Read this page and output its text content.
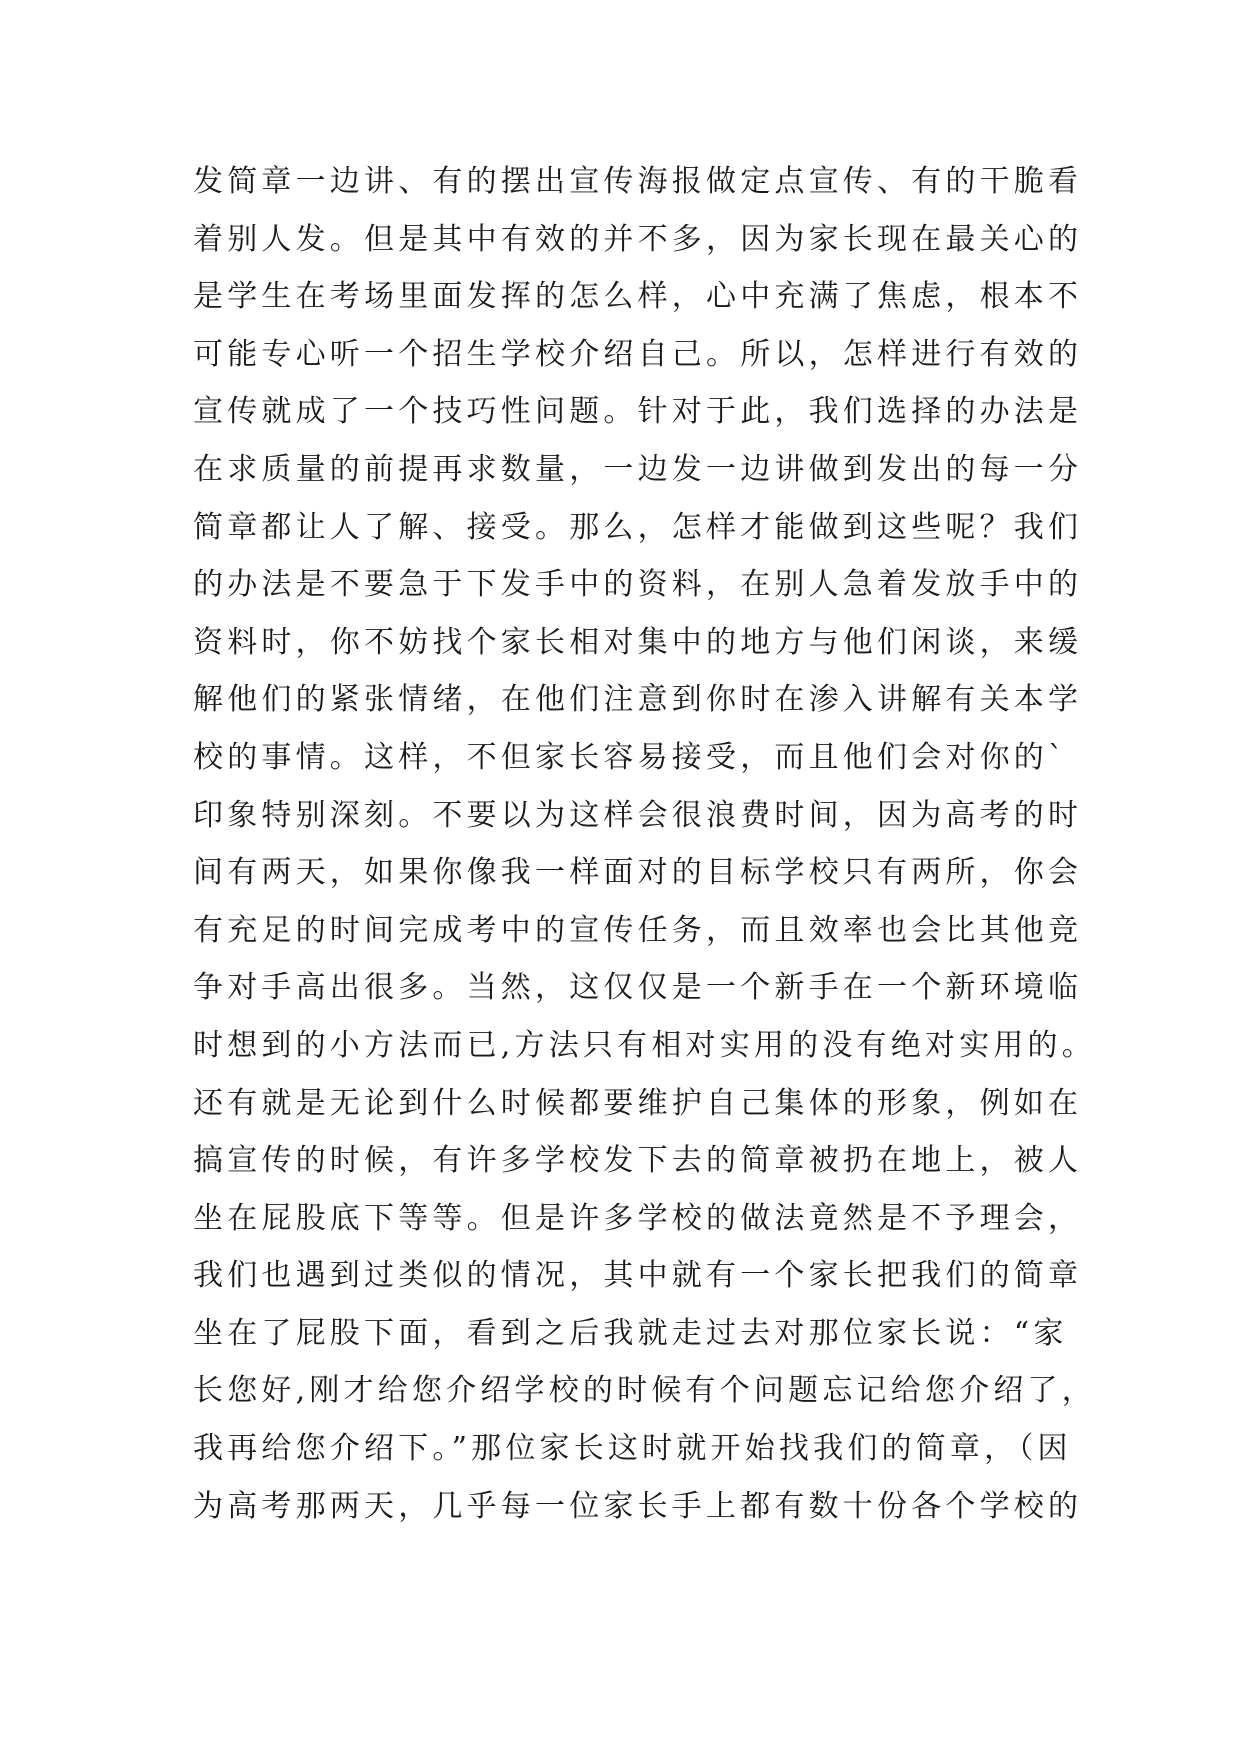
发简章一边讲、有的摆出宣传海报做定点宣传、有的干脆看
着别人发。但是其中有效的并不多，因为家长现在最关心的
是学生在考场里面发挥的怎么样，心中充满了焦虑，根本不
可能专心听一个招生学校介绍自己。所以，怎样进行有效的
宣传就成了一个技巧性问题。针对于此，我们选择的办法是
在求质量的前提再求数量，一边发一边讲做到发出的每一分
简章都让人了解、接受。那么，怎样才能做到这些呢？我们
的办法是不要急于下发手中的资料，在别人急着发放手中的
资料时，你不妨找个家长相对集中的地方与他们闲谈，来缓
解他们的紧张情绪，在他们注意到你时在渗入讲解有关本学
校的事情。这样，不但家长容易接受，而且他们会对你的`
印象特别深刻。不要以为这样会很浪费时间，因为高考的时
间有两天，如果你像我一样面对的目标学校只有两所，你会
有充足的时间完成考中的宣传任务，而且效率也会比其他竞
争对手高出很多。当然，这仅仅是一个新手在一个新环境临
时想到的小方法而已,方法只有相对实用的没有绝对实用的。
还有就是无论到什么时候都要维护自己集体的形象，例如在
搞宣传的时候，有许多学校发下去的简章被扔在地上，被人
坐在屁股底下等等。但是许多学校的做法竟然是不予理会，
我们也遇到过类似的情况，其中就有一个家长把我们的简章
坐在了屁股下面，看到之后我就走过去对那位家长说：“家
长您好,刚才给您介绍学校的时候有个问题忘记给您介绍了，
我再给您介绍下。”那位家长这时就开始找我们的简章，（因
为高考那两天，几乎每一位家长手上都有数十份各个学校的
